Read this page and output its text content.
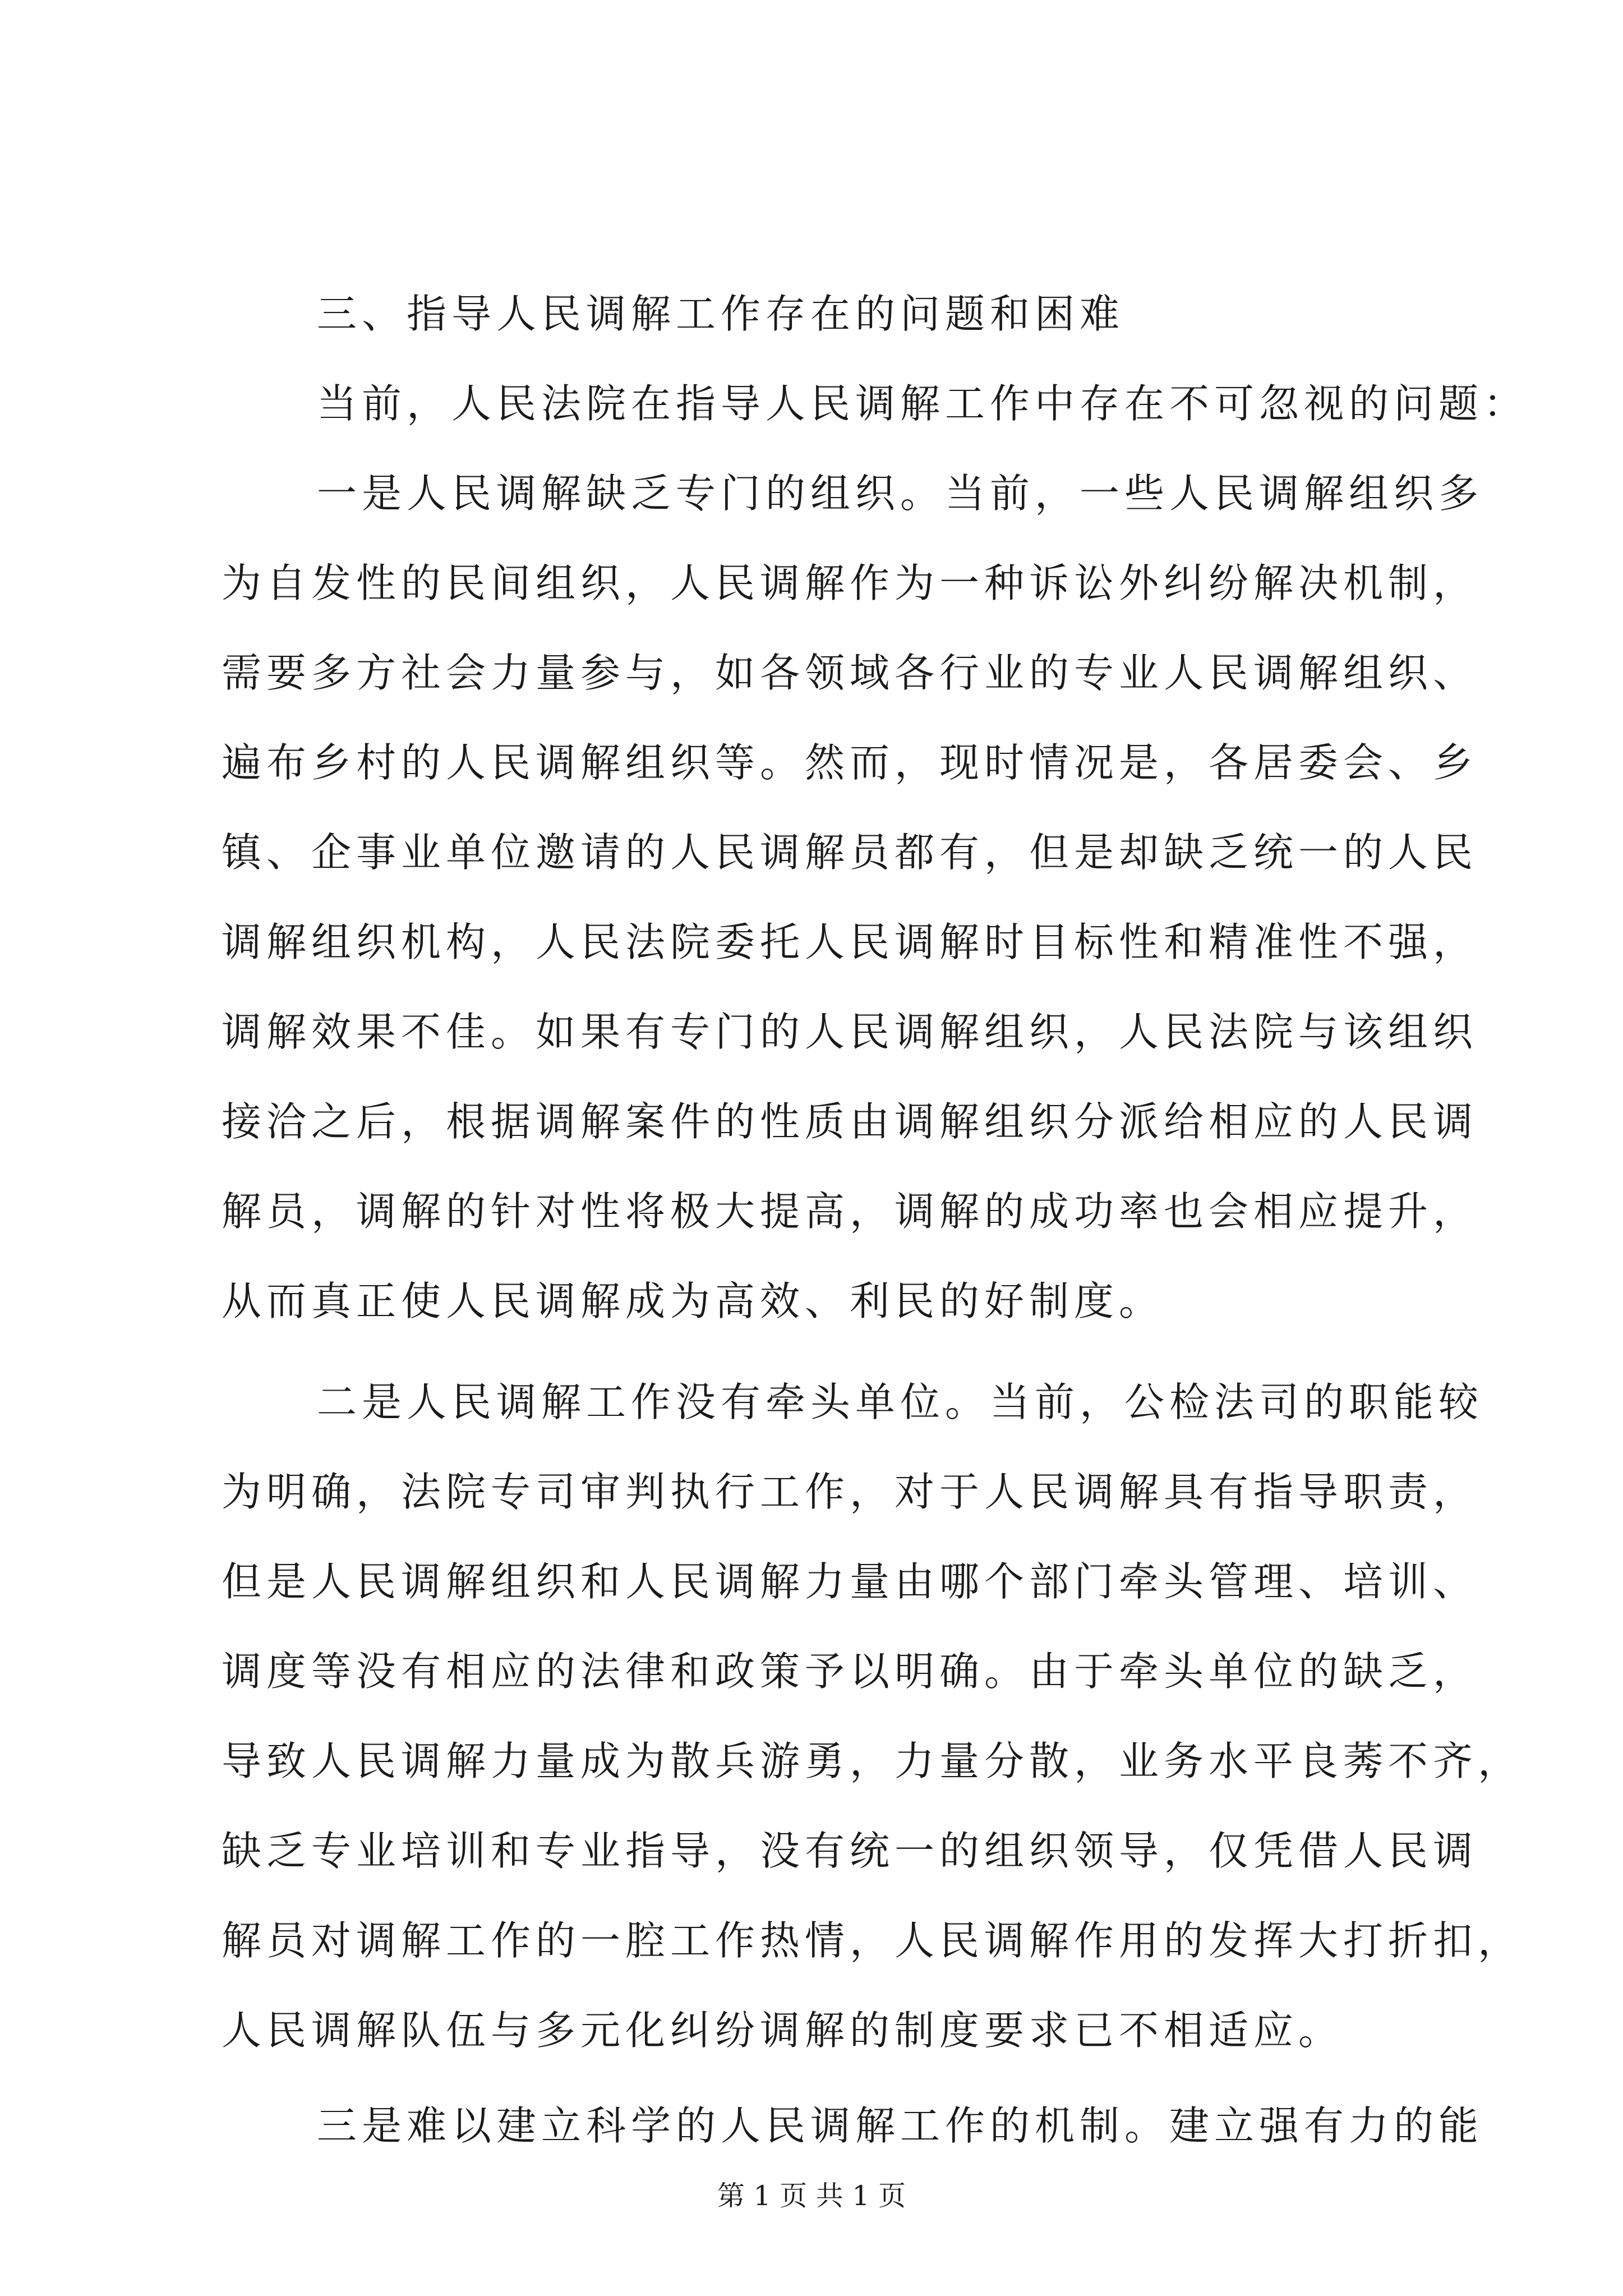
三、指导人民调解工作存在的问题和困难

当前，人民法院在指导人民调解工作中存在不可忽视的问题：

一是人民调解缺乏专门的组织。当前，一些人民调解组织多

为自发性的民间组织，人民调解作为一种诉讼外纠纷解决机制，

需要多方社会力量参与，如各领域各行业的专业人民调解组织、

遍布乡村的人民调解组织等。然而，现时情况是，各居委会、乡

镇、企事业单位邀请的人民调解员都有，但是却缺乏统一的人民

调解组织机构，人民法院委托人民调解时目标性和精准性不强，

调解效果不佳。如果有专门的人民调解组织，人民法院与该组织

接洽之后，根据调解案件的性质由调解组织分派给相应的人民调

解员，调解的针对性将极大提高，调解的成功率也会相应提升，

从而真正使人民调解成为高效、利民的好制度。

二是人民调解工作没有牵头单位。当前，公检法司的职能较

为明确，法院专司审判执行工作，对于人民调解具有指导职责，

但是人民调解组织和人民调解力量由哪个部门牵头管理、培训、

调度等没有相应的法律和政策予以明确。由于牵头单位的缺乏，

导致人民调解力量成为散兵游勇，力量分散，业务水平良莠不齐，

缺乏专业培训和专业指导，没有统一的组织领导，仅凭借人民调

解员对调解工作的一腔工作热情，人民调解作用的发挥大打折扣，

人民调解队伍与多元化纠纷调解的制度要求已不相适应。

三是难以建立科学的人民调解工作的机制。建立强有力的能

第 1 页 共 1 页
